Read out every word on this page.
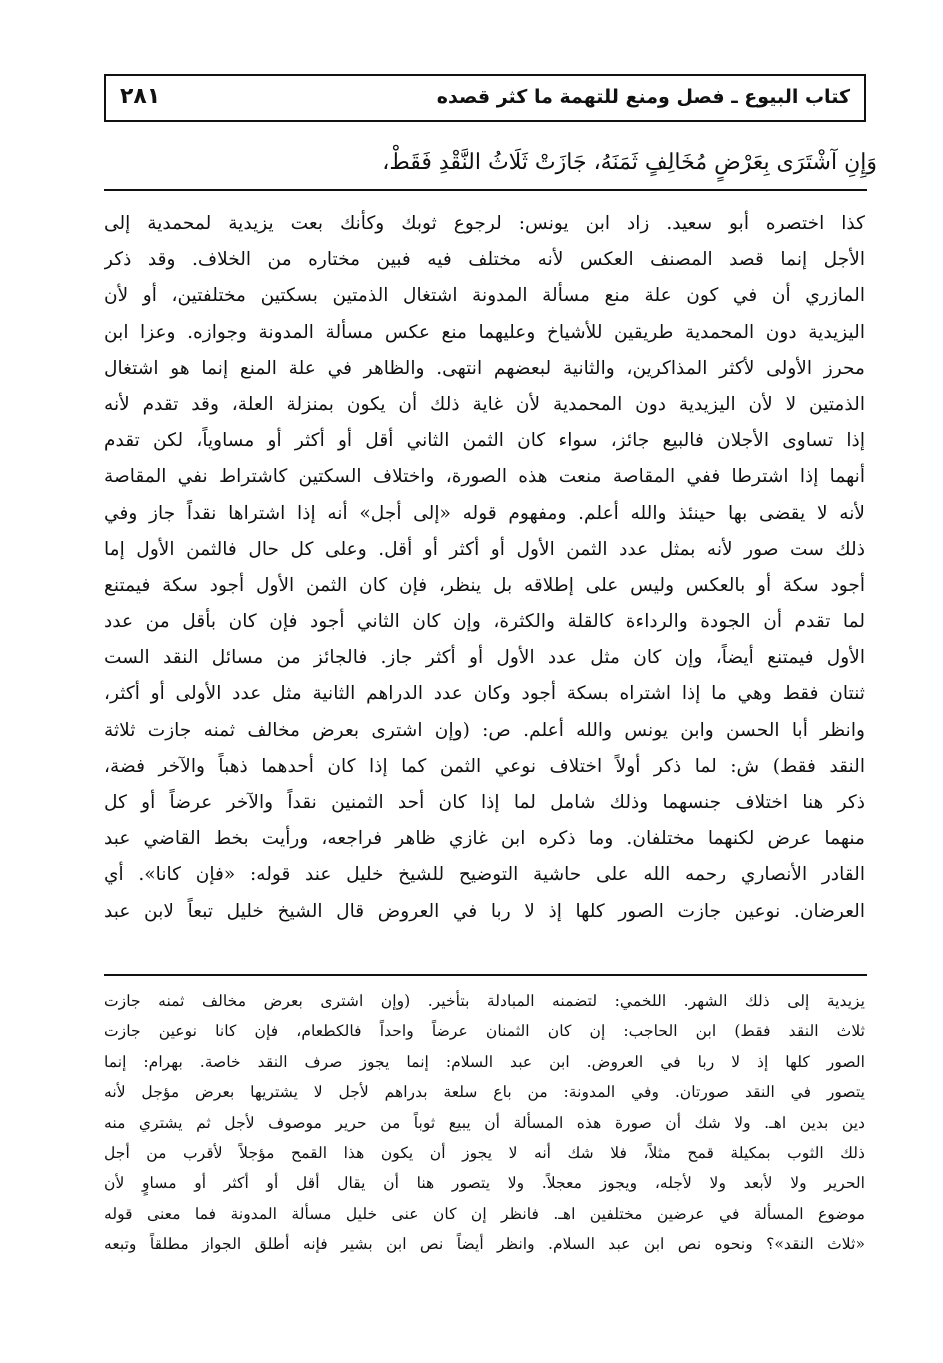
كتاب البيوع ـ فصل ومنع للتهمة ما كثر قصده
٢٨١
وَإِنِ آشْتَرَى بِعَرْضٍ مُخَالِفٍ ثَمَنَهُ، جَازَتْ ثَلَاثُ النَّقْدِ فَقَطْ،
كذا اختصره أبو سعيد. زاد ابن يونس: لرجوع ثوبك وكأنك بعت يزيدية لمحمدية إلى
الأجل إنما قصد المصنف العكس لأنه مختلف فيه فبين مختاره من الخلاف. وقد ذكر
المازري أن في كون علة منع مسألة المدونة اشتغال الذمتين بسكتين مختلفتين، أو لأن
اليزيدية دون المحمدية طريقين للأشياخ وعليهما منع عكس مسألة المدونة وجوازه. وعزا ابن
محرز الأولى لأكثر المذاكرين، والثانية لبعضهم انتهى. والظاهر في علة المنع إنما هو اشتغال
الذمتين لا لأن اليزيدية دون المحمدية لأن غاية ذلك أن يكون بمنزلة العلة، وقد تقدم لأنه
إذا تساوى الأجلان فالبيع جائز، سواء كان الثمن الثاني أقل أو أكثر أو مساوياً، لكن تقدم
أنهما إذا اشترطا ففي المقاصة منعت هذه الصورة، واختلاف السكتين كاشتراط نفي المقاصة
لأنه لا يقضى بها حينئذ والله أعلم. ومفهوم قوله «إلى أجل» أنه إذا اشتراها نقداً جاز وفي
ذلك ست صور لأنه بمثل عدد الثمن الأول أو أكثر أو أقل. وعلى كل حال فالثمن الأول إما
أجود سكة أو بالعكس وليس على إطلاقه بل ينظر، فإن كان الثمن الأول أجود سكة فيمتنع
لما تقدم أن الجودة والرداءة كالقلة والكثرة، وإن كان الثاني أجود فإن كان بأقل من عدد
الأول فيمتنع أيضاً، وإن كان مثل عدد الأول أو أكثر جاز. فالجائز من مسائل النقد الست
ثنتان فقط وهي ما إذا اشتراه بسكة أجود وكان عدد الدراهم الثانية مثل عدد الأولى أو أكثر،
وانظر أبا الحسن وابن يونس والله أعلم. ص: (وإن اشترى بعرض مخالف ثمنه جازت ثلاثة
النقد فقط) ش: لما ذكر أولاً اختلاف نوعي الثمن كما إذا كان أحدهما ذهباً والآخر فضة،
ذكر هنا اختلاف جنسهما وذلك شامل لما إذا كان أحد الثمنين نقداً والآخر عرضاً أو كل
منهما عرض لكنهما مختلفان. وما ذكره ابن غازي ظاهر فراجعه، ورأيت بخط القاضي عبد
القادر الأنصاري رحمه الله على حاشية التوضيح للشيخ خليل عند قوله: «فإن كانا». أي
العرضان. نوعين جازت الصور كلها إذ لا ربا في العروض قال الشيخ خليل تبعاً لابن عبد
يزيدية إلى ذلك الشهر. اللخمي: لتضمنه المبادلة بتأخير. (وإن اشترى بعرض مخالف ثمنه جازت
ثلاث النقد فقط) ابن الحاجب: إن كان الثمنان عرضاً واحداً فالكطعام، فإن كانا نوعين جازت
الصور كلها إذ لا ربا في العروض. ابن عبد السلام: إنما يجوز صرف النقد خاصة. بهرام: إنما
يتصور في النقد صورتان. وفي المدونة: من باع سلعة بدراهم لأجل لا يشتريها بعرض مؤجل لأنه
دين بدين اهـ. ولا شك أن صورة هذه المسألة أن يبيع ثوباً من حرير موصوف لأجل ثم يشتري منه
ذلك الثوب بمكيلة قمح مثلاً، فلا شك أنه لا يجوز أن يكون هذا القمح مؤجلاً لأقرب من أجل
الحرير ولا لأبعد ولا لأجله، ويجوز معجلاً. ولا يتصور هنا أن يقال أقل أو أكثر أو مساوٍ لأن
موضوع المسألة في عرضين مختلفين اهـ. فانظر إن كان عنى خليل مسألة المدونة فما معنى قوله
«ثلاث النقد»؟ ونحوه نص ابن عبد السلام. وانظر أيضاً نص ابن بشير فإنه أطلق الجواز مطلقاً وتبعه
